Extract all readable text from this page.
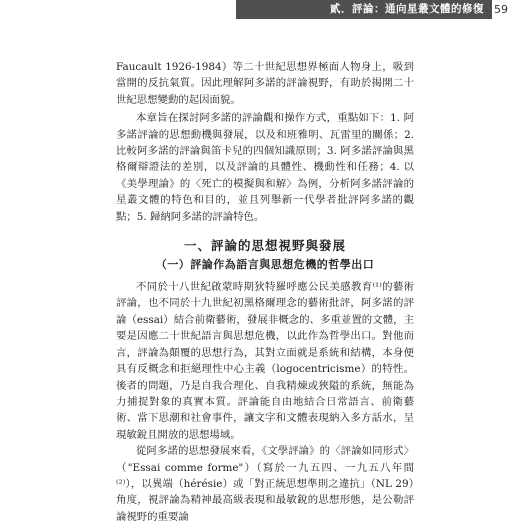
貳．評論：通向星叢文體的修復 59

Faucault 1926-1984）等二十世紀思想界極面人物身上，吸到當開的反抗氣質。因此理解阿多諾的評論視野，有助於揭開二十世紀思想變動的起因面貌。

本章旨在探討阿多諾的評論觀和操作方式，重點如下：1. 阿多諾評論的思想動機與發展，以及和班雅明、瓦雷里的關係；2. 比較阿多諾的評論與笛卡兒的四個知識原則；3. 阿多諾評論與黑格爾辯證法的差別，以及評論的具體性、機動性和任務；4. 以《美學理論》的〈死亡的模擬與和解〉為例，分析阿多諾評論的星叢文體的特色和目的，並且列舉新一代學者批評阿多諾的觀點；5. 歸納阿多諾的評論特色。

一、評論的思想視野與發展
（一）評論作為語言與思想危機的哲學出口

不同於十八世紀啟蒙時期狄特羅呼應公民美感教育⁽¹⁾的藝術評論，也不同於十九世紀初黑格爾理念的藝術批評，阿多諾的評論（essai）結合前衛藝術，發展非概念的、多重並置的文體，主要是因應二十世紀語言與思想危機，以此作為哲學出口。對他而言，評論為顛覆的思想行為，其對立面就是系統和結構，本身便具有反概念和拒絕理性中心主義（logocentricisme）的特性。後者的問題，乃是自我合理化、自我精煉或狹隘的系統，無能為力捕捉對象的真實本質。評論能自由地結合日常語言、前衛藝術、當下思潮和社會事件，讓文字和文體表現納入多方話水，呈現敏銳且開放的思想場域。

從阿多諾的思想發展來看，《文學評論》的〈評論如同形式〉（"Essai comme forme"）（寫於一九五四、一九五八年間⁽²⁾），以異端（hérésie）或「對正統思想準則之違抗」（NL 29）角度，視評論為精神最高級表現和最敏銳的思想形態，是公勒評論視野的重要論
